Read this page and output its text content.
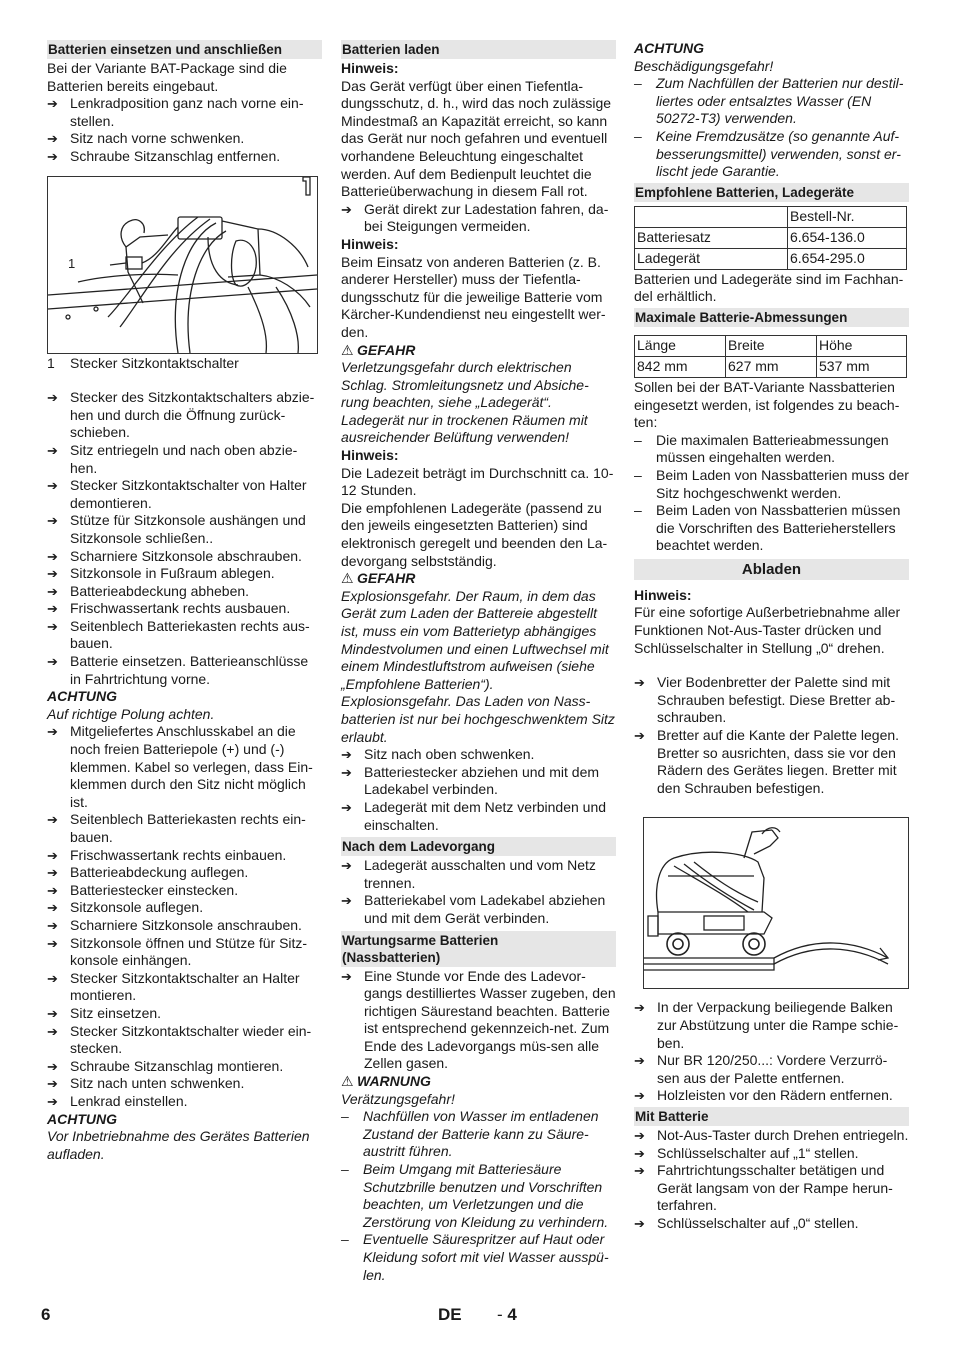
Batterien einsetzen und anschließen
Bei der Variante BAT-Package sind die Batterien bereits eingebaut.
➔ Lenkradposition ganz nach vorne ein-stellen.
➔ Sitz nach vorne schwenken.
➔ Schraube Sitzanschlag entfernen.
1
1	Stecker Sitzkontaktschalter
➔ Stecker des Sitzkontaktschalters abzie-hen und durch die Öffnung zurück-schieben.
➔ Sitz entriegeln und nach oben abzie-hen.
➔ Stecker Sitzkontaktschalter von Halter demontieren.
➔ Stütze für Sitzkonsole aushängen und Sitzkonsole schließen..
➔ Scharniere Sitzkonsole abschrauben.
➔ Sitzkonsole in Fußraum ablegen.
➔ Batterieabdeckung abheben.
➔ Frischwassertank rechts ausbauen.
➔ Seitenblech Batteriekasten rechts aus-bauen.
➔ Batterie einsetzen. Batterieanschlüsse in Fahrtrichtung vorne.
ACHTUNG
Auf richtige Polung achten.
➔ Mitgeliefertes Anschlusskabel an die noch freien Batteriepole (+) und (-) klemmen. Kabel so verlegen, dass Ein-klemmen durch den Sitz nicht möglich ist.
➔ Seitenblech Batteriekasten rechts ein-bauen.
➔ Frischwassertank rechts einbauen.
➔ Batterieabdeckung auflegen.
➔ Batteriestecker einstecken.
➔ Sitzkonsole auflegen.
➔ Scharniere Sitzkonsole anschrauben.
➔ Sitzkonsole öffnen und Stütze für Sitz-konsole einhängen.
➔ Stecker Sitzkontaktschalter an Halter montieren.
➔ Sitz einsetzen.
➔ Stecker Sitzkontaktschalter wieder ein-stecken.
➔ Schraube Sitzanschlag montieren.
➔ Sitz nach unten schwenken.
➔ Lenkrad einstellen.
ACHTUNG
Vor Inbetriebnahme des Gerätes Batterien aufladen.
Batterien laden
Hinweis:
Das Gerät verfügt über einen Tiefentla-dungsschutz, d. h., wird das noch zulässige Mindestmaß an Kapazität erreicht, so kann das Gerät nur noch gefahren und eventuell vorhandene Beleuchtung eingeschaltet werden. Auf dem Bedienpult leuchtet die Batterieüberwachung in diesem Fall rot.
➔ Gerät direkt zur Ladestation fahren, da-bei Steigungen vermeiden.
Hinweis:
Beim Einsatz von anderen Batterien (z. B. anderer Hersteller) muss der Tiefentla-dungsschutz für die jeweilige Batterie vom Kärcher-Kundendienst neu eingestellt wer-den.
⚠ GEFAHR
Verletzungsgefahr durch elektrischen Schlag. Stromleitungsnetz und Absiche-rung beachten, siehe „Ladegerät“. Ladegerät nur in trockenen Räumen mit ausreichender Belüftung verwenden!
Hinweis:
Die Ladezeit beträgt im Durchschnitt ca. 10-12 Stunden.
Die empfohlenen Ladegeräte (passend zu den jeweils eingesetzten Batterien) sind elektronisch geregelt und beenden den La-devorgang selbstständig.
⚠ GEFAHR
Explosionsgefahr. Der Raum, in dem das Gerät zum Laden der Battereie abgestellt ist, muss ein vom Batterietyp abhängiges Mindestvolumen und einen Luftwechsel mit einem Mindestluftstrom aufweisen (siehe „Empfohlene Batterien“).
Explosionsgefahr. Das Laden von Nass-batterien ist nur bei hochgeschwenktem Sitz erlaubt.
➔ Sitz nach oben schwenken.
➔ Batteriestecker abziehen und mit dem Ladekabel verbinden.
➔ Ladegerät mit dem Netz verbinden und einschalten.
Nach dem Ladevorgang
➔ Ladegerät ausschalten und vom Netz trennen.
➔ Batteriekabel vom Ladekabel abziehen und mit dem Gerät verbinden.
Wartungsarme Batterien
(Nassbatterien)
➔ Eine Stunde vor Ende des Ladevor-gangs destilliertes Wasser zugeben, den richtigen Säurestand beachten. Batterie ist entsprechend gekennzeich-net. Zum Ende des Ladevorgangs müs-sen alle Zellen gasen.
⚠ WARNUNG
Verätzungsgefahr!
–	Nachfüllen von Wasser im entladenen Zustand der Batterie kann zu Säure-austritt führen.
–	Beim Umgang mit Batteriesäure Schutzbrille benutzen und Vorschriften beachten, um Verletzungen und die Zerstörung von Kleidung zu verhindern.
–	Eventuelle Säurespritzer auf Haut oder Kleidung sofort mit viel Wasser ausspü-len.
ACHTUNG
Beschädigungsgefahr!
–	Zum Nachfüllen der Batterien nur destil-liertes oder entsalztes Wasser (EN 50272-T3) verwenden.
–	Keine Fremdzusätze (so genannte Auf-besserungsmittel) verwenden, sonst er-lischt jede Garantie.
Empfohlene Batterien, Ladegeräte
	Bestell-Nr.
Batteriesatz	6.654-136.0
Ladegerät	6.654-295.0
Batterien und Ladegeräte sind im Fachhan-del erhältlich.
Maximale Batterie-Abmessungen
Länge	Breite	Höhe
842 mm	627 mm	537 mm
Sollen bei der BAT-Variante Nassbatterien eingesetzt werden, ist folgendes zu beach-ten:
–	Die maximalen Batterieabmessungen müssen eingehalten werden.
–	Beim Laden von Nassbatterien muss der Sitz hochgeschwenkt werden.
–	Beim Laden von Nassbatterien müssen die Vorschriften des Batterieherstellers beachtet werden.
Abladen
Hinweis:
Für eine sofortige Außerbetriebnahme aller Funktionen Not-Aus-Taster drücken und Schlüsselschalter in Stellung „0“ drehen.
➔ Vier Bodenbretter der Palette sind mit Schrauben befestigt. Diese Bretter ab-schrauben.
➔ Bretter auf die Kante der Palette legen. Bretter so ausrichten, dass sie vor den Rädern des Gerätes liegen. Bretter mit den Schrauben befestigen.
➔ In der Verpackung beiliegende Balken zur Abstützung unter die Rampe schie-ben.
➔ Nur BR 120/250...: Vordere Verzurrö-sen aus der Palette entfernen.
➔ Holzleisten vor den Rädern entfernen.
Mit Batterie
➔ Not-Aus-Taster durch Drehen entriegeln.
➔ Schlüsselschalter auf „1“ stellen.
➔ Fahrtrichtungsschalter betätigen und Gerät langsam von der Rampe herun-terfahren.
➔ Schlüsselschalter auf „0“ stellen.
6	DE - 4
